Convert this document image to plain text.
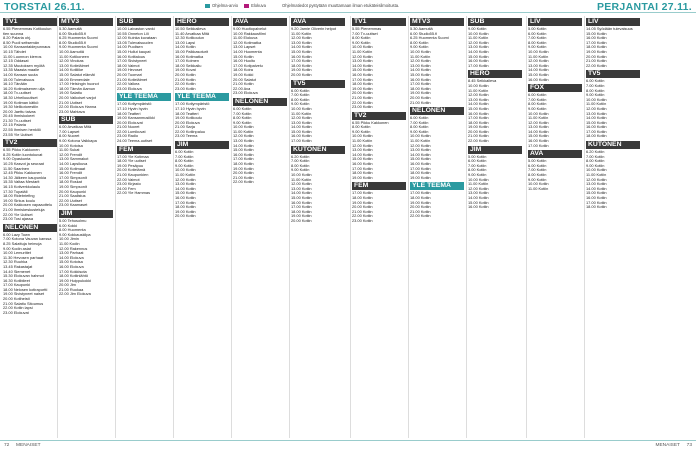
TORSTAI 26.11.	Ohjelma-arvio	Elokuva	Ohjelmatiedot pystytään muuttamaan ilman etukäteisilmoitusta.	PERJANTAI 27.11.
TV1
6.55 Pienemmas Kotikoulun
tien suunna
8.20 Palaria ohj.
8.50 Puoli seitsemän
10.00 Kansantaidepunnaus
10.15 Tähdet
11.00 Luonnon kierros
12.15 Oddasat
12.35 Muutoksen myötä
13.35 Maasta maalle
14.00 Kansan suuta
15.00 Tulevaisuus
16.10 Tänään
16.20 Kotimaisenen ulja
18.00 Tv-uutiset
18.30 Urheiluuutiset
19.00 Kotiman kätkö
19.30 Nelikotorestiin
20.00 Jaettu taivas
20.45 Ihmiskokeet
21.30 Tv-uutiset
22.15 Palaria
22.55 Ihmisen henkilö
23.55 Yle Uutiset
TV2
6.55 Pikku Kakkonen
8.25 Kotiin luontokuvat
9.00 Opaskunta
10.25 Kasvot ja seuraat
11.50 Saarinen
12.45 Pikku Kakkonen
14.30 Jälkeen kaupunkia
15.35 Valtaa Mestarit
16.15 Kotiverkkolaulu
17.30 Tupatäli
18.00 Ridebriefing
19.00 Sirkus koulu
20.00 Kakkosen vapaaottelu
21.00 Ihmiskeskusteluja
22.00 Yle Uutiset
23.00 Tosi ajassa
NELONEN
6.00 Lazy Town
7.00 Kotona Vauvan kanssa
8.25 Salattuja heimoja
9.00 Kodin asiat
10.00 Lemuritiet
11.30 Hevosen parhaat
12.30 Ruuhka
13.45 Rakastajat
14.40 Siemenet
15.30 Elokuvan hahmot
16.30 Kotibileet
17.00 Kaupunki
18.00 Nelosen kotiraportti
19.00 Sivistyneet naiset
20.00 Kotiheisti
21.00 Salattu Sitoumus
22.00 Kotiin lapsi
23.00 Elokuvat
MTV3
5.30 Aamutiä
6.00 Studio55.fi
6.25 Huomenta Suomi
8.00 Studio55.fi
9.00 Huomenta Suomi
10.00 Aamutiä
11.00 Kotikoneen
12.00 Vinokas
13.00 Kotieläimet
14.00 Kotiliike
15.00 Salatut elämät
16.00 Emmerdale
17.00 Helsingin huonot
18.00 Tämän Aamun
19.00 Salattu
20.00 Valkoiset varjot
21.00 Uutiset
22.00 Elokuva Hanna
23.00 Mahtava
SUB
6.00 Arvatkaa Mitä
7.00 Lapset
8.00 Nuoret
9.00 Kotona Vaikkapa
10.00 Kotoisa
11.00 Sukat
12.00 Frendit
13.00 Sammakot
14.00 Lapsikuva
15.00 Kotimaat
16.00 Frendit
17.00 Simpsonit
18.00 Roskat
19.00 Simpsonit
20.00 Kaupunki
21.00 Saalistus
22.00 Uutiset
23.00 Kaamaset
JIM
5.00 Tehosolmu
6.00 Kokki
8.00 Huomenta
9.00 Kokkauskilpa
10.00 Jimin
11.00 Kodin
12.00 Rakennus
13.00 Parhaat
14.00 Elokuva
15.00 Kotoisa
16.00 Elokuva
17.00 Kokkisota
18.00 Kotiinlähtö
19.00 Huippukokki
20.00 Jim
21.00 Ruokaa
22.00 Jim Elokuva
SUB
10.00 Laivaston vanki
10.55 Onneton Lili
12.00 Kuinka kuvataan
13.05 Tulevaisuuden
14.00 Puolisen
15.00 Hullut kaupat
16.00 Kotitalous
17.00 Sivistyneet
18.00 Vaimot
19.00 Hevoset
20.00 Tuomari
21.00 Kotieläimet
22.00 Valkea
23.00 Elokuva
YLE TEEMA
17.00 Kotiympäristö
17.10 Hyvin hyvin
18.00 Teatteri
19.00 Kansanmusiikki
20.00 Elokuvat
21.00 Nuoret
22.00 Lumikuvat
23.00 Radio
24.00 Teema-uutiset
FEM
17.00 Yle Kotimaa
18.00 Yle uutiset
19.00 Pesäpuu
20.00 Kotielämä
21.00 Kaupunkien
22.00 Vaimot
23.00 Kirjasto
24.00 Fem
22.00 Yle Hammas
HERO
10.50 Seikkaileva
11.40 Arvatkaa Mitä
12.30 Kotikoulun
13.00 Lapsi
14.00 Kotiin
15.00 Palkkasoturit
16.00 Kotimatka
17.00 Kolmen
18.00 Seikkailu
19.00 Kovat
20.00 Kotiin
21.00 Kotiin
22.00 Kotiin
23.00 Kotiin
YLE TEEMA
17.00 Kotiympäristö
17.10 Hyvin hyvin
18.00 Teatteri
19.00 Kotikoulu
20.00 Elokuva
21.00 Sarja
22.00 Kotiinpaluu
23.00 Teema
JIM
6.00 Kotiin
7.00 Kotiin
8.00 Kotiin
9.00 Kotiin
10.00 Kotiin
11.00 Kotiin
12.00 Kotiin
13.00 Kotiin
14.00 Kotiin
15.00 Kotiin
16.00 Kotiin
17.00 Kotiin
18.00 Kotiin
19.00 Kotiin
20.00 Kotiin
AVA
9.00 Huoltopalvelut
10.00 Rakkausfilmi
11.00 Elokuva
12.00 Kotimatka
13.00 Lapset
14.00 Huomenta
15.00 Kotiin
16.00 Huolto
17.00 Kotipalvelu
18.00 Koira
19.00 Kokki
20.00 Salatut
21.00 Kotiin
22.00 Ava
23.00 Elokuva
NELONEN
6.00 Kotiin
7.00 Kotiin
8.00 Kotiin
9.00 Kotiin
10.00 Kotiin
11.00 Kotiin
12.00 Kotiin
13.00 Kotiin
14.00 Kotiin
15.00 Kotiin
16.00 Kotiin
17.00 Kotiin
18.00 Kotiin
19.00 Kotiin
20.00 Kotiin
21.00 Kotiin
22.00 Kotiin
AVA
9.20 Jamie Oliverin helpot
11.00 Kotiin
12.00 Kotiin
13.00 Kotiin
14.00 Kotiin
15.00 Kotiin
16.00 Kotiin
17.00 Kotiin
18.00 Kotiin
19.00 Kotiin
20.00 Kotiin
TV5
6.00 Kotiin
7.00 Kotiin
8.00 Kotiin
9.00 Kotiin
10.00 Kotiin
11.00 Kotiin
12.00 Kotiin
13.00 Kotiin
14.00 Kotiin
15.00 Kotiin
16.00 Kotiin
17.00 Kotiin
KUTONEN
6.20 Kotiin
7.00 Kotiin
8.00 Kotiin
9.00 Kotiin
10.00 Kotiin
11.00 Kotiin
12.00 Kotiin
13.00 Kotiin
14.00 Kotiin
15.00 Kotiin
16.00 Kotiin
17.00 Kotiin
18.00 Kotiin
19.00 Kotiin
20.00 Kotiin
TV1
5.55 Pienemmas
7.00 Tv-uutiset
8.00 Kotiin
9.00 Kotiin
10.00 Kotiin
11.00 Kotiin
12.00 Kotiin
13.00 Kotiin
14.00 Kotiin
15.00 Kotiin
16.00 Kotiin
17.00 Kotiin
18.00 Kotiin
19.00 Kotiin
20.00 Kotiin
21.00 Kotiin
22.00 Kotiin
23.00 Kotiin
TV2
6.55 Pikku Kakkonen
8.00 Kotiin
9.00 Kotiin
10.00 Kotiin
11.00 Kotiin
12.00 Kotiin
13.00 Kotiin
14.00 Kotiin
15.00 Kotiin
16.00 Kotiin
17.00 Kotiin
18.00 Kotiin
19.00 Kotiin
FEM
17.00 Kotiin
18.00 Kotiin
19.00 Kotiin
20.00 Kotiin
21.00 Kotiin
22.00 Kotiin
23.00 Kotiin
MTV3
5.30 Aamutiä
6.00 Studio55.fi
6.25 Huomenta Suomi
8.00 Kotiin
9.00 Kotiin
10.00 Kotiin
11.00 Kotiin
12.00 Kotiin
13.00 Kotiin
14.00 Kotiin
15.00 Kotiin
16.00 Kotiin
17.00 Kotiin
18.00 Kotiin
19.00 Kotiin
20.00 Kotiin
21.00 Kotiin
NELONEN
6.00 Kotiin
7.00 Kotiin
8.00 Kotiin
9.00 Kotiin
10.00 Kotiin
11.00 Kotiin
12.00 Kotiin
13.00 Kotiin
14.00 Kotiin
15.00 Kotiin
16.00 Kotiin
17.00 Kotiin
18.00 Kotiin
19.00 Kotiin
YLE TEEMA
17.00 Kotiin
18.00 Kotiin
19.00 Kotiin
20.00 Kotiin
21.00 Kotiin
22.00 Kotiin
SUB
9.00 Kotiin
10.00 Kotiin
11.00 Kotiin
12.00 Kotiin
13.00 Kotiin
14.00 Kotiin
15.00 Kotiin
16.00 Kotiin
17.00 Kotiin
HERO
8.45 Seikkaileva
10.00 Kotiin
11.00 Kotiin
12.00 Kotiin
13.00 Kotiin
14.00 Kotiin
15.00 Kotiin
16.00 Kotiin
17.00 Kotiin
18.00 Kotiin
19.00 Kotiin
20.00 Kotiin
21.00 Kotiin
22.00 Kotiin
JIM
5.00 Kotiin
6.00 Kotiin
7.00 Kotiin
8.00 Kotiin
9.00 Kotiin
10.00 Kotiin
11.00 Kotiin
12.00 Kotiin
13.00 Kotiin
14.00 Kotiin
15.00 Kotiin
16.00 Kotiin
LIV
5.00 Kotiin
6.00 Kotiin
7.00 Kotiin
8.00 Kotiin
9.00 Kotiin
10.00 Kotiin
11.00 Kotiin
12.00 Kotiin
13.00 Kotiin
14.00 Kotiin
15.00 Kotiin
16.00 Kotiin
FOX
6.00 Kotiin
7.00 Kotiin
8.00 Kotiin
9.00 Kotiin
10.00 Kotiin
11.00 Kotiin
12.00 Kotiin
13.00 Kotiin
14.00 Kotiin
15.00 Kotiin
16.00 Kotiin
17.00 Kotiin
AVA
5.00 Kotiin
6.00 Kotiin
7.00 Kotiin
8.00 Kotiin
9.00 Kotiin
10.00 Kotiin
11.00 Kotiin
LIV
14.05 Syödään tulevaisuus
15.00 Kotiin
16.00 Kotiin
17.00 Kotiin
18.00 Kotiin
19.00 Kotiin
20.00 Kotiin
21.00 Kotiin
22.00 Kotiin
TV5
6.00 Kotiin
7.00 Kotiin
8.00 Kotiin
9.00 Kotiin
10.00 Kotiin
11.00 Kotiin
12.00 Kotiin
13.00 Kotiin
14.00 Kotiin
15.00 Kotiin
16.00 Kotiin
17.00 Kotiin
18.00 Kotiin
KUTONEN
6.20 Kotiin
7.00 Kotiin
8.00 Kotiin
9.00 Kotiin
10.00 Kotiin
11.00 Kotiin
12.00 Kotiin
13.00 Kotiin
14.00 Kotiin
15.00 Kotiin
16.00 Kotiin
17.00 Kotiin
18.00 Kotiin
72 MENAISET	MENAISET 73
